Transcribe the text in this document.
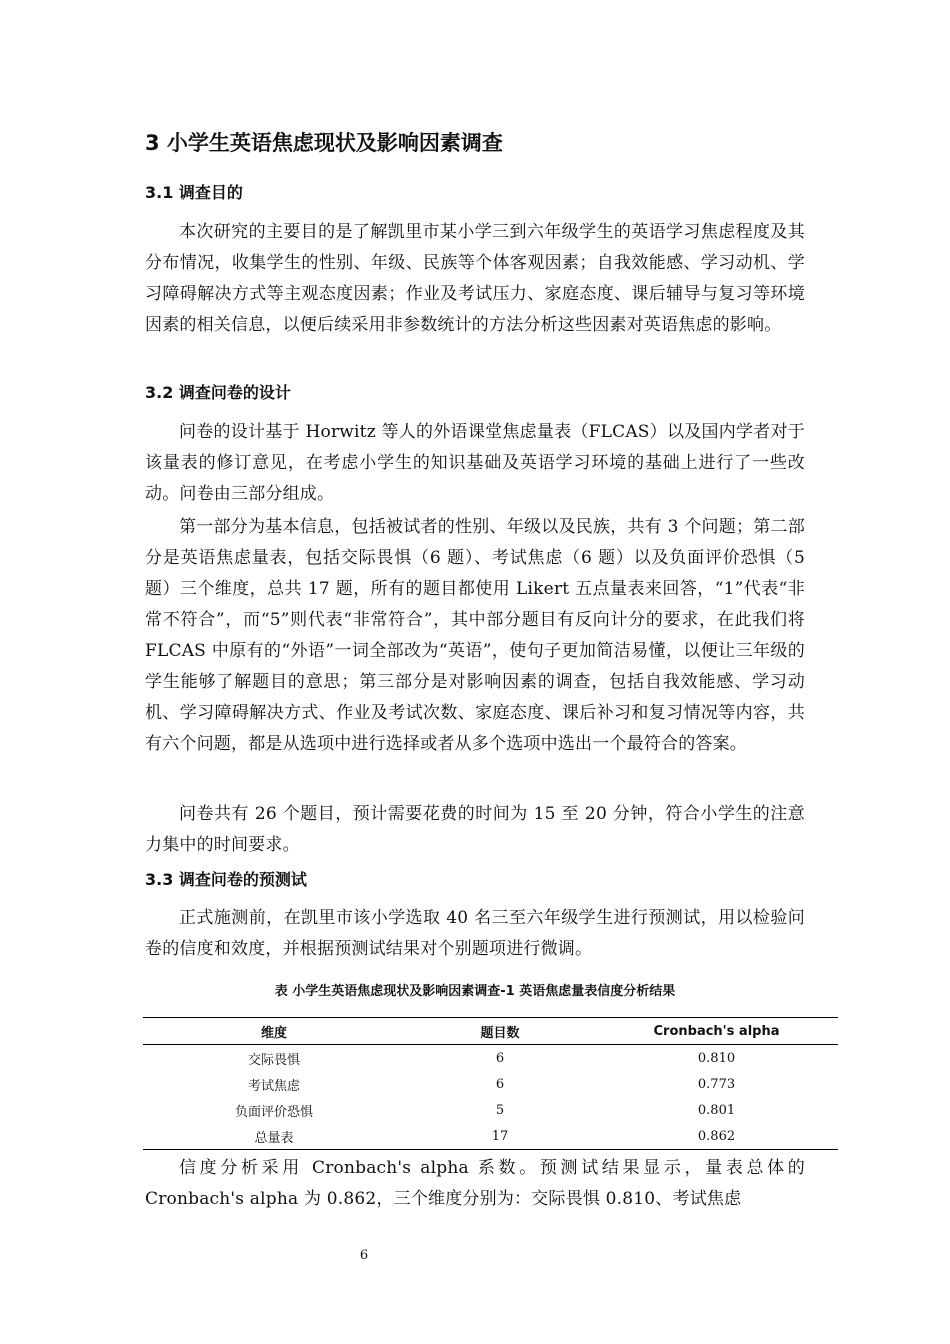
3 小学生英语焦虑现状及影响因素调查
3.1 调查目的
本次研究的主要目的是了解凯里市某小学三到六年级学生的英语学习焦虑程度及其分布情况，收集学生的性别、年级、民族等个体客观因素；自我效能感、学习动机、学习障碍解决方式等主观态度因素；作业及考试压力、家庭态度、课后辅导与复习等环境因素的相关信息，以便后续采用非参数统计的方法分析这些因素对英语焦虑的影响。
3.2 调查问卷的设计
问卷的设计基于 Horwitz 等人的外语课堂焦虑量表（FLCAS）以及国内学者对于该量表的修订意见，在考虑小学生的知识基础及英语学习环境的基础上进行了一些改动。问卷由三部分组成。
第一部分为基本信息，包括被试者的性别、年级以及民族，共有 3 个问题；第二部分是英语焦虑量表，包括交际畏惧（6 题）、考试焦虑（6 题）以及负面评价恐惧（5 题）三个维度，总共 17 题，所有的题目都使用 Likert 五点量表来回答，“1”代表“非常不符合”，而“5”则代表“非常符合”，其中部分题目有反向计分的要求，在此我们将 FLCAS 中原有的“外语”一词全部改为“英语”，使句子更加简洁易懂，以便让三年级的学生能够了解题目的意思；第三部分是对影响因素的调查，包括自我效能感、学习动机、学习障碍解决方式、作业及考试次数、家庭态度、课后补习和复习情况等内容，共有六个问题，都是从选项中进行选择或者从多个选项中选出一个最符合的答案。
问卷共有 26 个题目，预计需要花费的时间为 15 至 20 分钟，符合小学生的注意力集中的时间要求。
3.3 调查问卷的预测试
正式施测前，在凯里市该小学选取 40 名三至六年级学生进行预测试，用以检验问卷的信度和效度，并根据预测试结果对个别题项进行微调。
表 小学生英语焦虑现状及影响因素调查-1 英语焦虑量表信度分析结果
维度	题目数	Cronbach's alpha
交际畏惧	6	0.810
考试焦虑	6	0.773
负面评价恐惧	5	0.801
总量表	17	0.862
信度分析采用 Cronbach's alpha 系数。预测试结果显示，量表总体的 Cronbach's alpha 为 0.862，三个维度分别为：交际畏惧 0.810、考试焦虑
6
